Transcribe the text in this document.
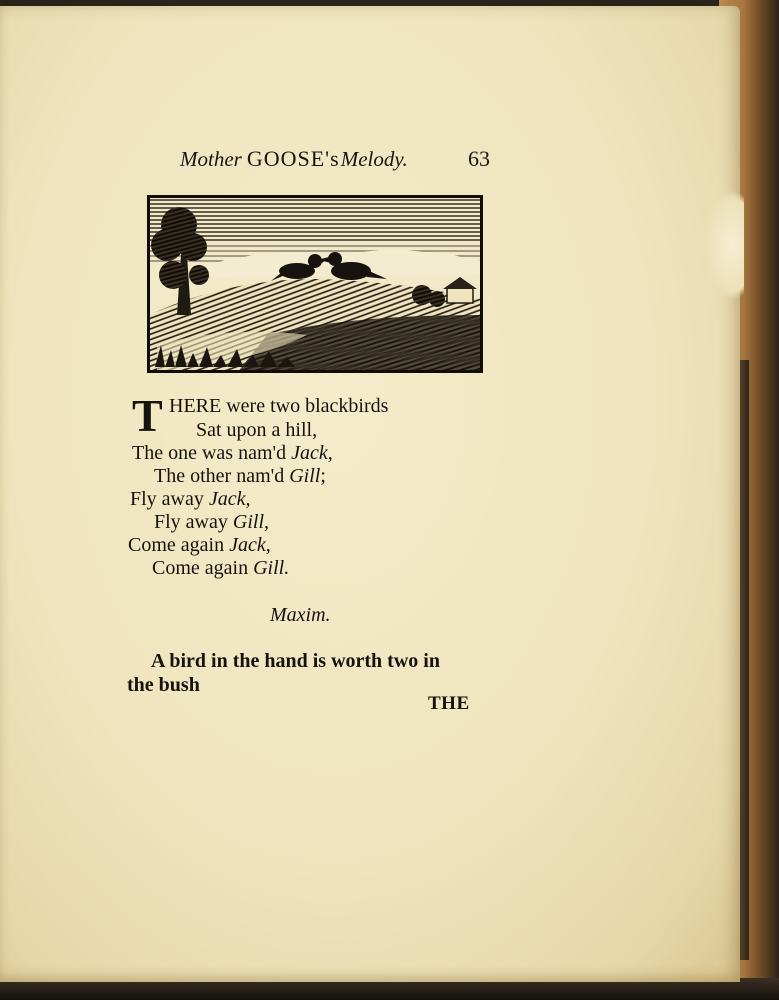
Mother GOOSE'sMelody.	63
T HERE were two blackbirds
Sat upon a hill,
The one was nam'd Jack,
The other nam'd Gill;
Fly away Jack,
Fly away Gill,
Come again Jack,
Come again Gill.
Maxim.
A bird in the hand is worth two in
the bush
THE
